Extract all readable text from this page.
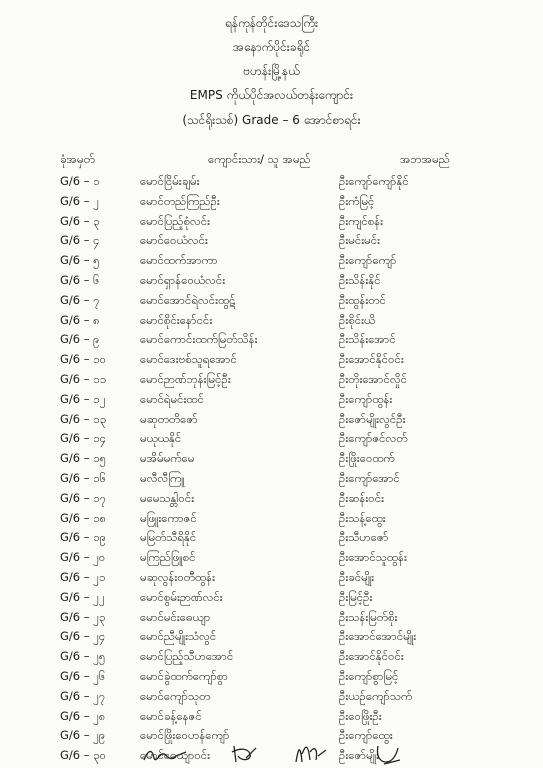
ရန်ကုန်တိုင်းဒေသကြီး
အနောက်ပိုင်းခရိုင်
ဗဟန်းမြို့နယ်
EMPS ကိုယ်ပိုင်အလယ်တန်းကျောင်း
(သင်ရိုးသစ်) Grade – 6 အောင်စာရင်း
ခုံအမှတ်	ကျောင်းသား/ သူ အမည်	အဘအမည်
G/6 – ၁	မောင်ငြိမ်းချမ်း	ဦးကျော်ကျော်နိုင်
G/6 – ၂	မောင်တည်ကြည်ဦး	ဦးကံမြင့်
G/6 – ၃	မောင်ပြည့်စုံလင်း	ဦးကျင်စန်း
G/6 – ၄	မောင်ဝေယံလင်း	ဦးမင်းမင်း
G/6 – ၅	မောင်ထက်အာကာ	ဦးကျော်ကျော်
G/6 – ၆	မောင်ရှာန်ဝေယံလင်း	ဦးသိန်းနိုင်
G/6 – ၇	မောင်အောင်ရဲလင်းထွဋ်	ဦးထွန်းတင်
G/6 – ၈	မောင်စိုင်းနော်ငင်း	ဦးစိုင်းယိ
G/6 – ၉	မောင်ကောင်းထက်မြတ်သိန်း	ဦးသိန်းအောင်
G/6 – ၁၀	မောင်ဒေးဗစ်သူရအောင်	ဦးအောင်နိုင်ဝင်း
G/6 – ၁၁	မောင်ဉာဏ်ဘုန်းမြင့်ဦး	ဦးတိုးအောင်လှိုင်
G/6 – ၁၂	မောင်ရဲမင်းထင်	ဦးကျော်ထွန်း
G/6 – ၁၃	မဆုတတိဇော်	ဦးဇော်မျိုးလွင်ဦး
G/6 – ၁၄	မယုယနိုင်	ဦးကျော်ဇင်လတ်
G/6 – ၁၅	မအိမ်မက်မေ	ဦးဖြိုးဝေထက်
G/6 – ၁၆	မလီလီကြူ	ဦးကျော်အောင်
G/6 – ၁၇	မမေသန္တါဝင်း	ဦးဆန်းဝင်း
G/6 – ၁၈	မဖြူးကောဇင်	ဦးသန့်ထွေး
G/6 – ၁၉	မမြတ်သီရိနိုင်	ဦးသီဟဇော်
G/6 – ၂၀	မကြည်ဖြူစင်	ဦးအောင်သူထွန်း
G/6 – ၂၁	မဆုလွန်းဝတီထွန်း	ဦးခင်မျိုး
G/6 – ၂၂	မောင်စွမ်းဉာဏ်လင်း	ဦးမြင့်ဦး
G/6 – ၂၃	မောင်မင်းဓေယျာ	ဦးသန်းမြတ်စိုး
G/6 – ၂၄	မောင်ညီမျိုးသံလွင်	ဦးအောင်အောင်မျိုး
G/6 – ၂၅	မောင်ပြည့်သီဟအောင်	ဦးအောင်နိုင်ဝင်း
G/6 – ၂၆	မောင်ခွဲထက်ကျော်စွာ	ဦးကျော်စွာမြင့်
G/6 – ၂၇	မောင်ကျော်သုတ	ဦးယဉ်ကျော်သက်
G/6 – ၂၈	မောင်ခန့်နေဇင်	ဦးဝေဖြိုးဦး
G/6 – ၂၉	မောင်ဖြိုးဝေပာန်ကျော်	ဦးကျော်ထွေး
G/6 – ၃၀	မောင်ဓေယျာဝင်း	ဦးဇော်မျိုး
